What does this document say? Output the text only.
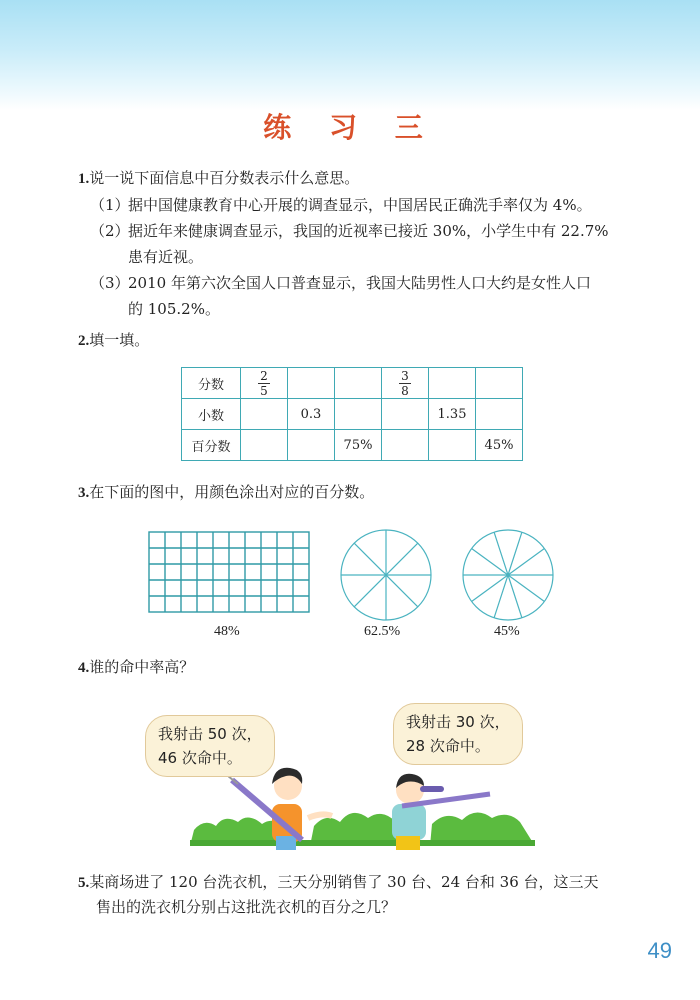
练 习 三
1.说一说下面信息中百分数表示什么意思。
（1）据中国健康教育中心开展的调查显示，中国居民正确洗手率仅为 4%。
（2）据近年来健康调查显示，我国的近视率已接近 30%，小学生中有 22.7%
患有近视。
（3）2010 年第六次全国人口普查显示，我国大陆男性人口大约是女性人口
的 105.2%。
2.填一填。
分数	$\frac{2}{5}$			$\frac{3}{8}$

小数		0.3			1.35	
百分数			75%			45%
3.在下面的图中，用颜色涂出对应的百分数。
48%	62.5%	45%
4.谁的命中率高？
我射击 50 次，
46 次命中。
我射击 30 次，
28 次命中。
5.某商场进了 120 台洗衣机，三天分别销售了 30 台、24 台和 36 台，这三天
售出的洗衣机分别占这批洗衣机的百分之几？
49
